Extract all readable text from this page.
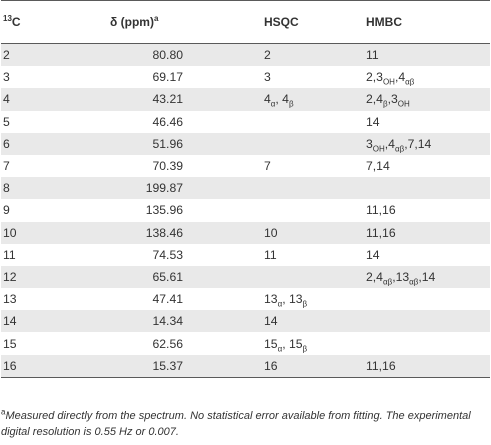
$^{13}$C	δ (ppm)$^a$	HSQC	HMBC
2	80.80	2	11
3	69.17	3	$2,3_{OH},4_{\alpha\beta}$
4	43.21	$4_\alpha$, $4_\beta$	$2,4_\beta,3_{OH}$
5	46.46		14
6	51.96		$3_{OH},4_{\alpha\beta},7,14$
7	70.39	7	7,14
8	199.87		
9	135.96		11,16
10	138.46	10	11,16
11	74.53	11	14
12	65.61		$2,4_{\alpha\beta},13_{\alpha\beta},14$
13	47.41	$13_\alpha$, $13_\beta$	
14	14.34	14	
15	62.56	$15_\alpha$, $15_\beta$	
16	15.37	16	11,16
$^a$Measured directly from the spectrum. No statistical error available from fitting. The experimental digital resolution is 0.55 Hz or 0.007.
